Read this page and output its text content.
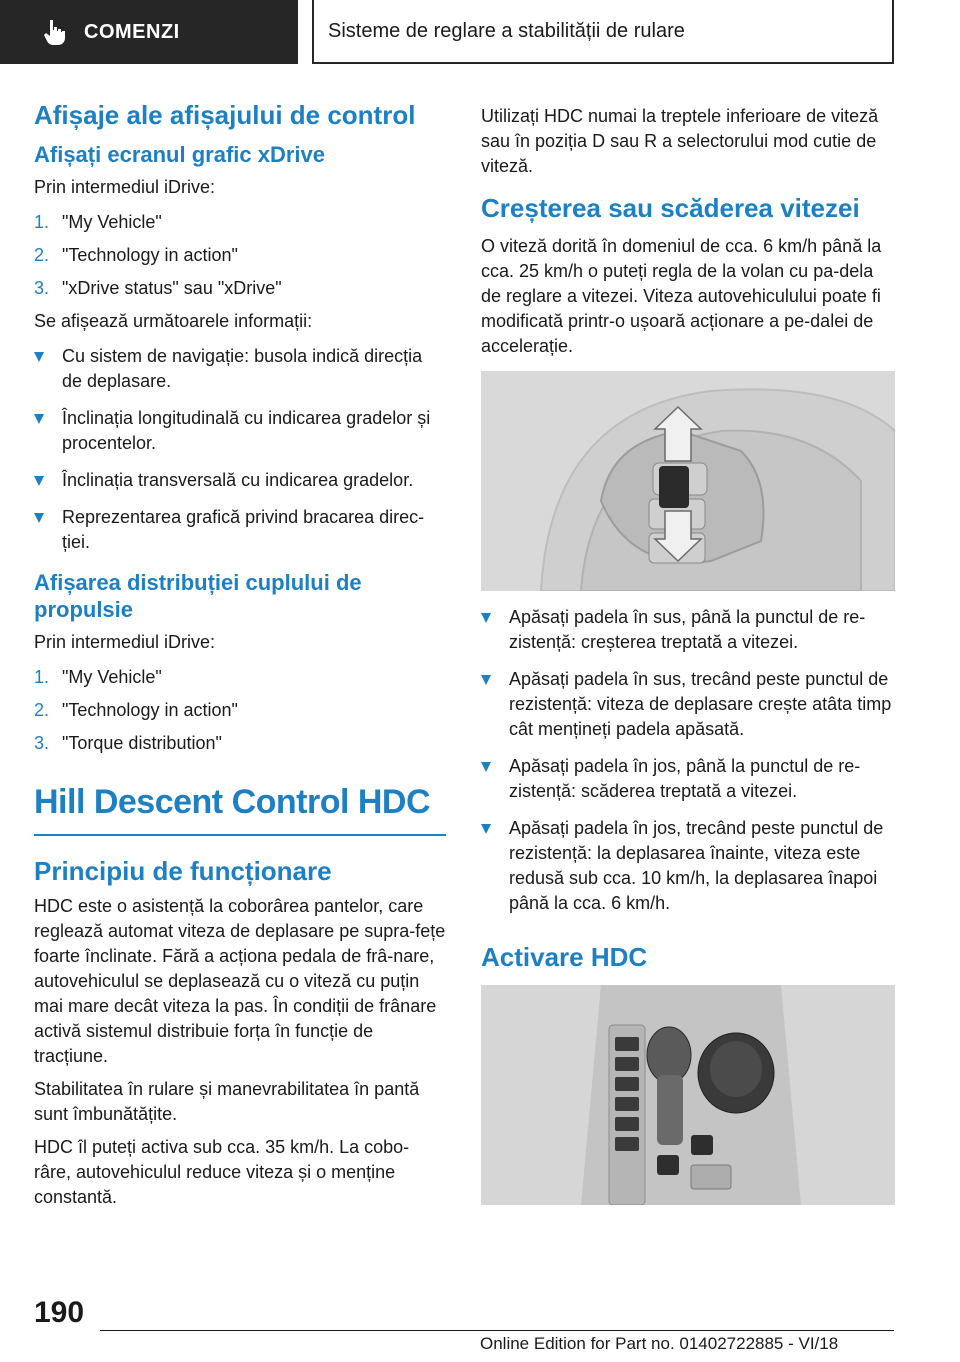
COMENZI	Sisteme de reglare a stabilității de rulare
Afișaje ale afișajului de control
Afișați ecranul grafic xDrive

Prin intermediul iDrive:

1. "My Vehicle"
2. "Technology in action"
3. "xDrive status" sau "xDrive"

Se afișează următoarele informații:

Cu sistem de navigație: busola indică direcția de deplasare.
Înclinația longitudinală cu indicarea gradelor și procentelor.
Înclinația transversală cu indicarea gradelor.
Reprezentarea grafică privind bracarea direc-ției.
Afișarea distribuției cuplului de propulsie

Prin intermediul iDrive:

1. "My Vehicle"
2. "Technology in action"
3. "Torque distribution"
Hill Descent Control HDC
Principiu de funcționare

HDC este o asistență la coborârea pantelor, care reglează automat viteza de deplasare pe supra-fețe foarte înclinate. Fără a acționa pedala de frâ-nare, autovehiculul se deplasează cu o viteză cu puțin mai mare decât viteza la pas. În condiții de frânare activă sistemul distribuie forța în funcție de tracțiune.

Stabilitatea în rulare și manevrabilitatea în pantă sunt îmbunătățite.

HDC îl puteți activa sub cca. 35 km/h. La cobo-râre, autovehiculul reduce viteza și o menține constantă.

Utilizați HDC numai la treptele inferioare de viteză sau în poziția D sau R a selectorului mod cutie de viteză.

Creșterea sau scăderea vitezei

O viteză dorită în domeniul de cca. 6 km/h până la cca. 25 km/h o puteți regla de la volan cu pa-dela de reglare a vitezei. Viteza autovehiculului poate fi modificată printr-o ușoară acționare a pe-dalei de accelerație.

Apăsați padela în sus, până la punctul de re-zistență: creșterea treptată a vitezei.
Apăsați padela în sus, trecând peste punctul de rezistență: viteza de deplasare crește atâta timp cât mențineți padela apăsată.
Apăsați padela în jos, până la punctul de re-zistență: scăderea treptată a vitezei.
Apăsați padela în jos, trecând peste punctul de rezistență: la deplasarea înainte, viteza este redusă sub cca. 10 km/h, la deplasarea înapoi până la cca. 6 km/h.
Activare HDC
190
Online Edition for Part no. 01402722885 - VI/18
